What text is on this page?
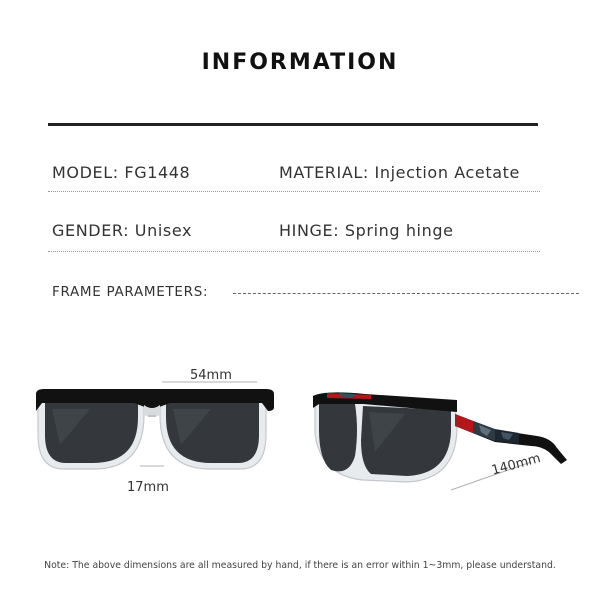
INFORMATION
MODEL: FG1448	MATERIAL: Injection Acetate
GENDER: Unisex	HINGE: Spring hinge
FRAME PARAMETERS:
54mm
17mm
140mm
Note: The above dimensions are all measured by hand, if there is an error within 1~3mm, please understand.
